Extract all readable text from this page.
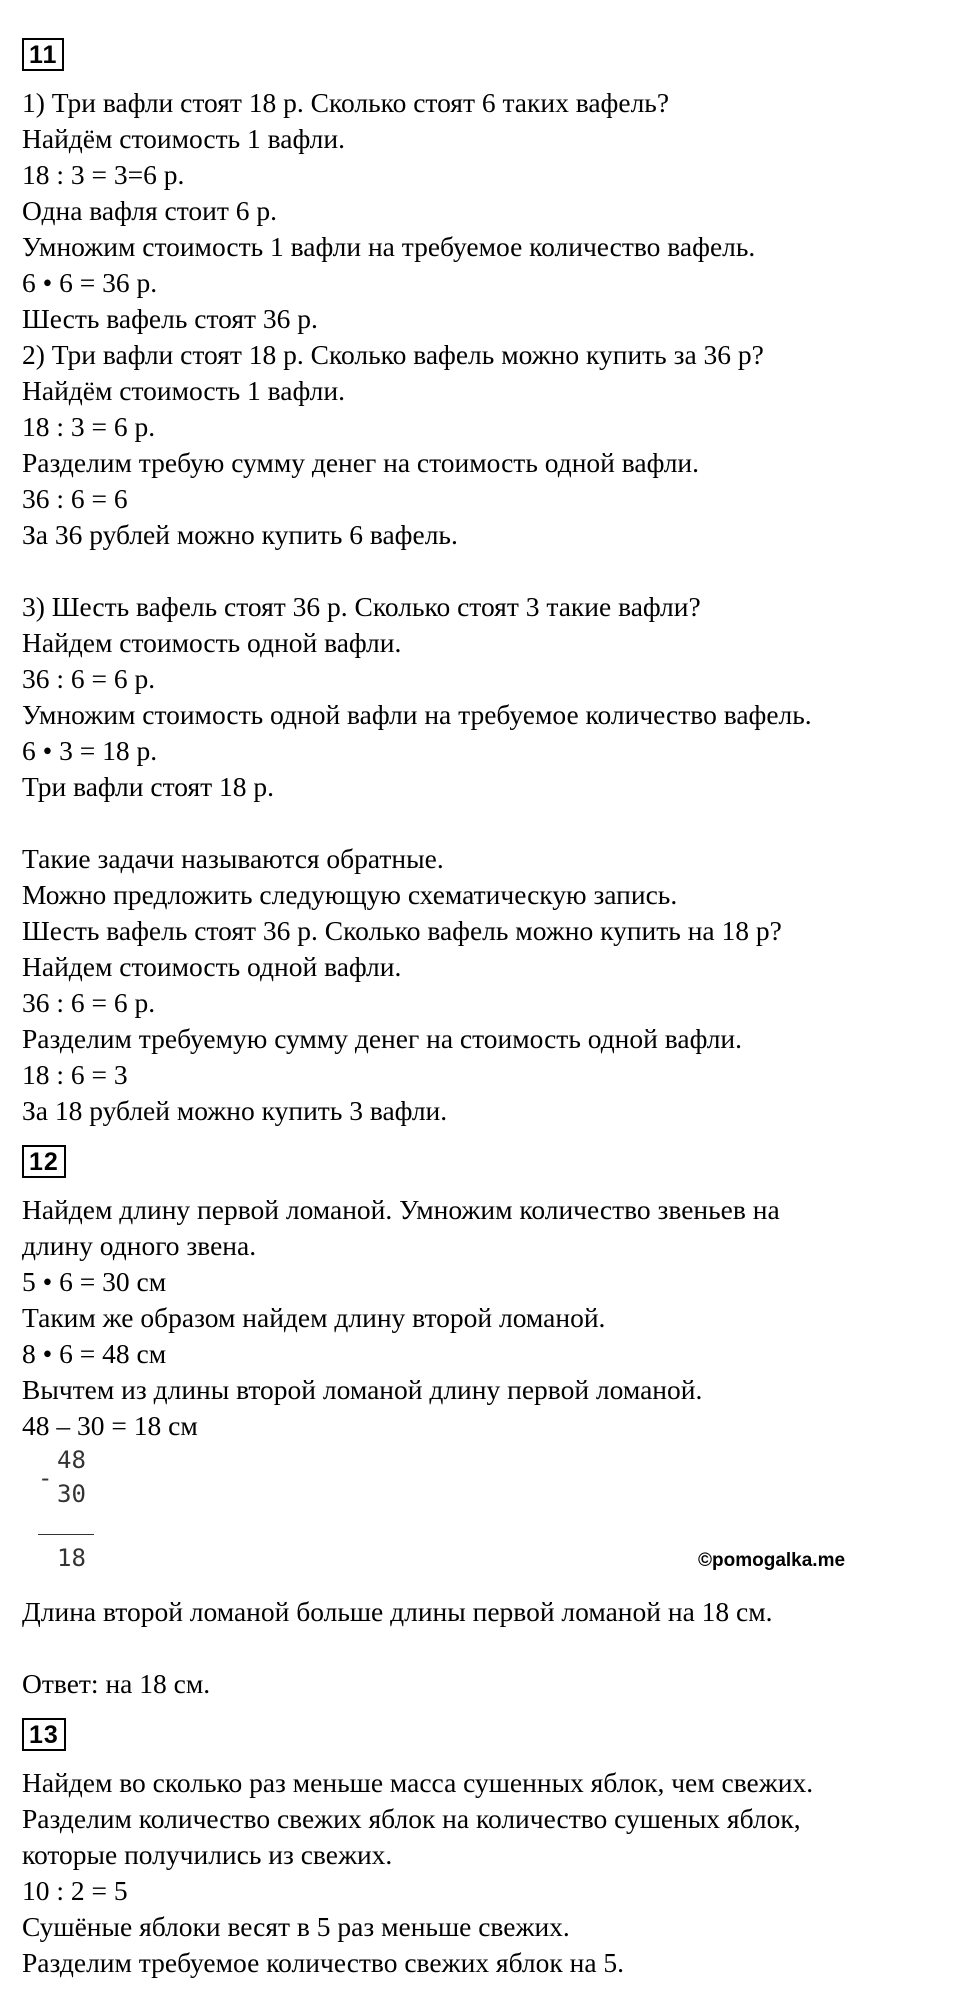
11
1) Три вафли стоят 18 р. Сколько стоят 6 таких вафель?
Найдём стоимость 1 вафли.
18 : 3 = 3=6 р.
Одна вафля стоит 6 р.
Умножим стоимость 1 вафли на требуемое количество вафель.
6 • 6 = 36 р.
Шесть вафель стоят 36 р.
2) Три вафли стоят 18 р. Сколько вафель можно купить за 36 р?
Найдём стоимость 1 вафли.
18 : 3 = 6 р.
Разделим требую сумму денег на стоимость одной вафли.
36 : 6 = 6
За 36 рублей можно купить 6 вафель.
3) Шесть вафель стоят 36 р. Сколько стоят 3 такие вафли?
Найдем стоимость одной вафли.
36 : 6 = 6 р.
Умножим стоимость одной вафли на требуемое количество вафель.
6 • 3 = 18 р.
Три вафли стоят 18 р.
Такие задачи называются обратные.
Можно предложить следующую схематическую запись.
Шесть вафель стоят 36 р. Сколько вафель можно купить на 18 р?
Найдем стоимость одной вафли.
36 : 6 = 6 р.
Разделим требуемую сумму денег на стоимость одной вафли.
18 : 6 = 3
За 18 рублей можно купить 3 вафли.
12
Найдем длину первой ломаной. Умножим количество звеньев на
длину одного звена.
5 • 6 = 30 см
Таким же образом найдем длину второй ломаной.
8 • 6 = 48 см
Вычтем из длины второй ломаной длину первой ломаной.
48 – 30 = 18 см
-
48
30
18
Длина второй ломаной больше длины первой ломаной на 18 см.
Ответ: на 18 см.
13
Найдем во сколько раз меньше масса сушенных яблок, чем свежих.
Разделим количество свежих яблок на количество сушеных яблок,
которые получились из свежих.
10 : 2 = 5
Сушёные яблоки весят в 5 раз меньше свежих.
Разделим требуемое количество свежих яблок на 5.
©pomogalka.me
